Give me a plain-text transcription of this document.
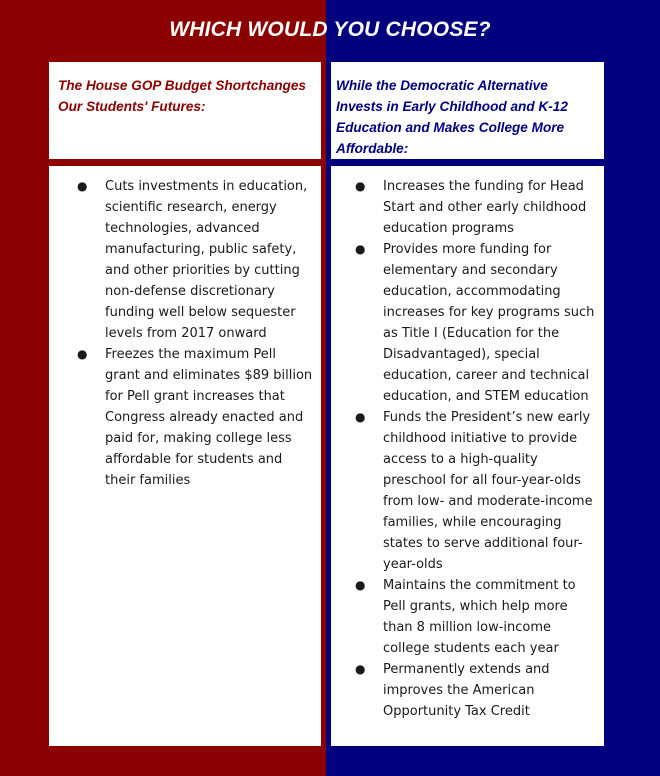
WHICH WOULD YOU CHOOSE?
The House GOP Budget Shortchanges Our Students' Futures:
While the Democratic Alternative Invests in Early Childhood and K-12 Education and Makes College More Affordable:
● Cuts investments in education, scientific research, energy technologies, advanced manufacturing, public safety, and other priorities by cutting non-defense discretionary funding well below sequester levels from 2017 onward
● Freezes the maximum Pell grant and eliminates $89 billion for Pell grant increases that Congress already enacted and paid for, making college less affordable for students and their families
● Increases the funding for Head Start and other early childhood education programs
● Provides more funding for elementary and secondary education, accommodating increases for key programs such as Title I (Education for the Disadvantaged), special education, career and technical education, and STEM education
● Funds the President’s new early childhood initiative to provide access to a high-quality preschool for all four-year-olds from low- and moderate-income families, while encouraging states to serve additional four-year-olds
● Maintains the commitment to Pell grants, which help more than 8 million low-income college students each year
● Permanently extends and improves the American Opportunity Tax Credit
